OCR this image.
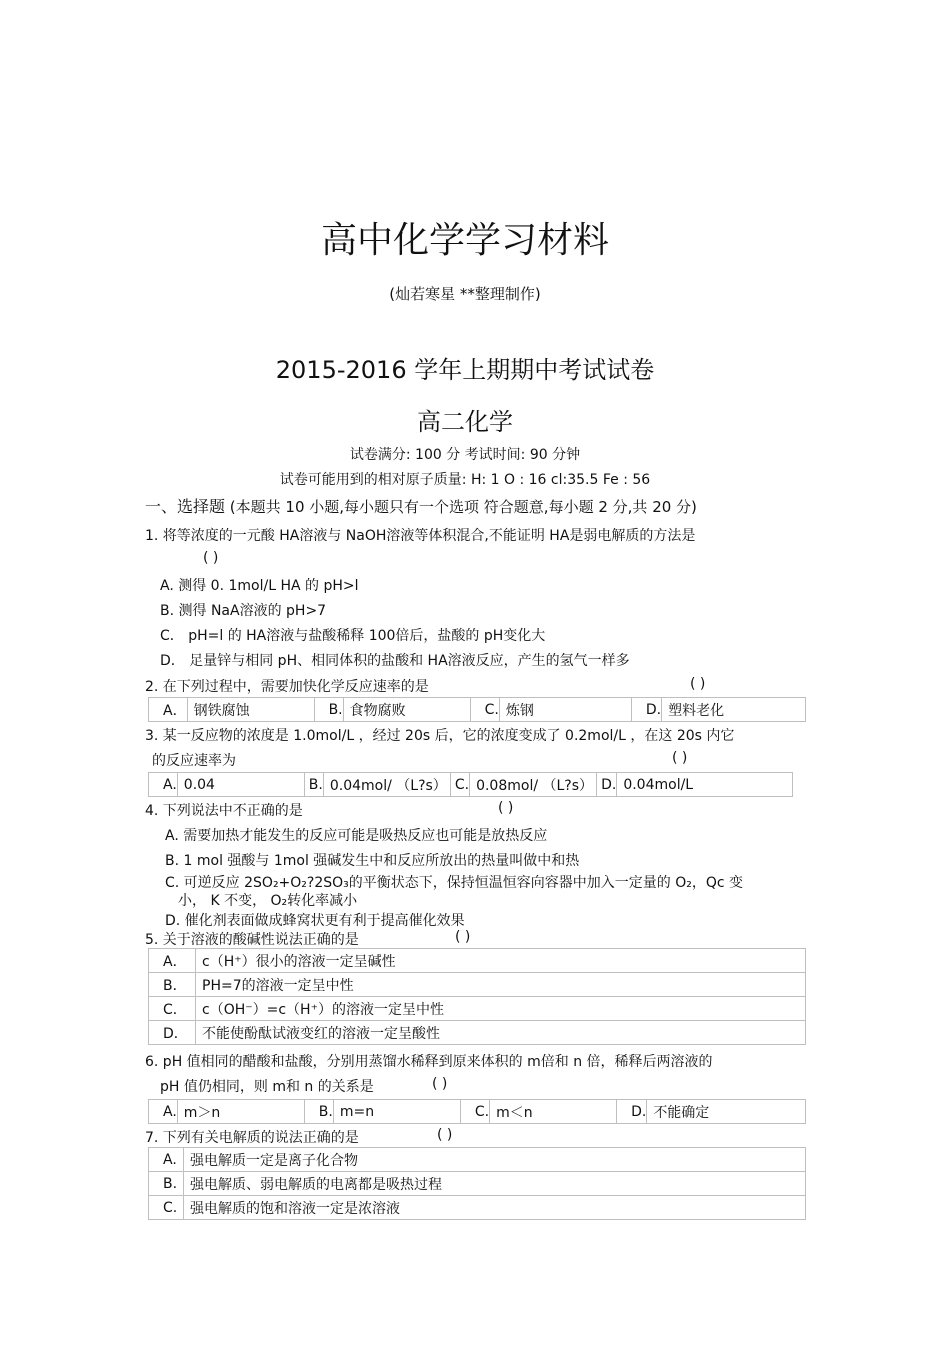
高中化学学习材料
(灿若寒星 **整理制作)
2015-2016 学年上期期中考试试卷
高二化学
试卷满分: 100 分 考试时间: 90 分钟
试卷可能用到的相对原子质量: H: 1 O : 16 cl:35.5 Fe : 56
一、选择题 (本题共 10 小题,每小题只有一个选项 符合题意,每小题 2 分,共 20 分)
1. 将等浓度的一元酸 HA溶液与 NaOH溶液等体积混合,不能证明 HA是弱电解质的方法是
( )
A. 测得 0. 1mol/L HA 的 pH>l
B. 测得 NaA溶液的 pH>7
C． pH=l 的 HA溶液与盐酸稀释 100倍后，盐酸的 pH变化大
D． 足量锌与相同 pH、相同体积的盐酸和 HA溶液反应，产生的氢气一样多
2. 在下列过程中，需要加快化学反应速率的是	( )
A．	钢铁腐蚀	B.	食物腐败	C.	炼钢	D.	塑料老化
3. 某一反应物的浓度是 1.0mol/L ，经过 20s 后，它的浓度变成了 0.2mol/L ，在这 20s 内它
的反应速率为	( )
A.	0.04	B.	0.04mol/ （L?s）	C.	0.08mol/ （L?s）	D.	0.04mol/L
4. 下列说法中不正确的是	( )
A. 需要加热才能发生的反应可能是吸热反应也可能是放热反应
B. 1 mol 强酸与 1mol 强碱发生中和反应所放出的热量叫做中和热
C. 可逆反应 2SO₂+O₂?2SO₃的平衡状态下，保持恒温恒容向容器中加入一定量的 O₂，Qc 变
小， K 不变， O₂转化率减小
D. 催化剂表面做成蜂窝状更有利于提高催化效果
5. 关于溶液的酸碱性说法正确的是	( )
A．	c（H⁺）很小的溶液一定呈碱性
B．	PH=7的溶液一定呈中性
C．	c（OH⁻）=c（H⁺）的溶液一定呈中性
D．	不能使酚酞试液变红的溶液一定呈酸性
6. pH 值相同的醋酸和盐酸，分别用蒸馏水稀释到原来体积的 m倍和 n 倍，稀释后两溶液的
pH 值仍相同，则 m和 n 的关系是	( )
A.	m＞n	B.	m=n	C.	m＜n	D.	不能确定
7. 下列有关电解质的说法正确的是	( )
A.	强电解质一定是离子化合物
B.	强电解质、弱电解质的电离都是吸热过程
C.	强电解质的饱和溶液一定是浓溶液
